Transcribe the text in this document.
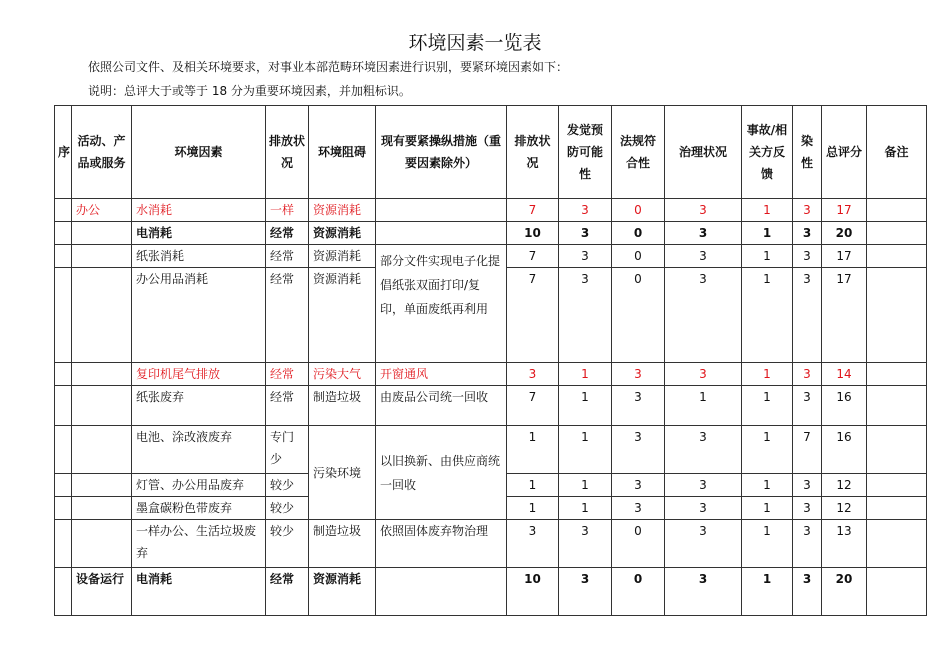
环境因素一览表
依照公司文件、及相关环境要求，对事业本部范畴环境因素进行识别，要紧环境因素如下：
说明：总评大于或等于 18 分为重要环境因素，并加粗标识。
序	活动、产品或服务	环境因素	排放状况	环境阻碍	现有要紧操纵措施（重要因素除外）	排放状况	发觉预防可能性	法规符合性	治理状况	事故/相关方反馈	染性	总评分	备注
	办公	水消耗	一样	资源消耗		7	3	0	3	1	3	17	
		电消耗	经常	资源消耗		10	3	0	3	1	3	20	
		纸张消耗	经常	资源消耗	部分文件实现电子化提倡纸张双面打印/复印，单面废纸再利用	7	3	0	3	1	3	17	
		办公用品消耗	经常	资源消耗		7	3	0	3	1	3	17	
		复印机尾气排放	经常	污染大气	开窗通风	3	1	3	3	1	3	14	
		纸张废弃	经常	制造垃圾	由废品公司统一回收	7	1	3	1	1	3	16	
		电池、涂改液废弃	专门少	污染环境	以旧换新、由供应商统一回收	1	1	3	3	1	7	16	
		灯管、办公用品废弃	较少			1	1	3	3	1	3	12	
		墨盒碳粉色带废弃	较少			1	1	3	3	1	3	12	
		一样办公、生活垃圾废弃	较少	制造垃圾	依照固体废弃物治理	3	3	0	3	1	3	13	
	设备运行	电消耗	经常	资源消耗		10	3	0	3	1	3	20	
